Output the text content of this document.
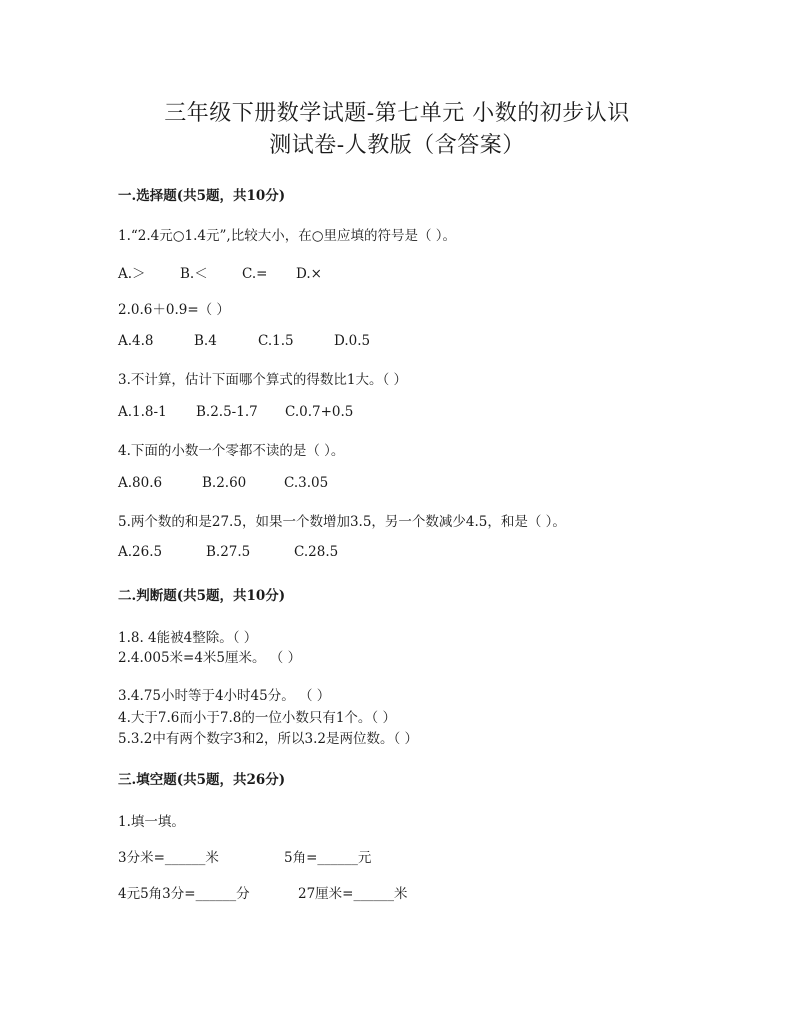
三年级下册数学试题-第七单元 小数的初步认识
测试卷-人教版（含答案）
一.选择题(共5题，共10分)
1.“2.4元○1.4元”,比较大小，在○里应填的符号是（ ）。
A.＞	B.＜	C.= D.×
2.0.6＋0.9=（ ）
A.4.8	B.4	C.1.5	D.0.5
3.不计算，估计下面哪个算式的得数比1大。（ ）
A.1.8-1 B.2.5-1.7 C.0.7+0.5
4.下面的小数一个零都不读的是（ ）。
A.80.6	B.2.60	C.3.05
5.两个数的和是27.5，如果一个数增加3.5，另一个数减少4.5，和是（ ）。
A.26.5	B.27.5	C.28.5
二.判断题(共5题，共10分)
1.8. 4能被4整除。（ ）
2.4.005米=4米5厘米。 （ ）
3.4.75小时等于4小时45分。 （ ）
4.大于7.6而小于7.8的一位小数只有1个。（ ）
5.3.2中有两个数字3和2，所以3.2是两位数。（ ）
三.填空题(共5题，共26分)
1.填一填。
3分米=______米	5角=______元
4元5角3分=______分	27厘米=______米
